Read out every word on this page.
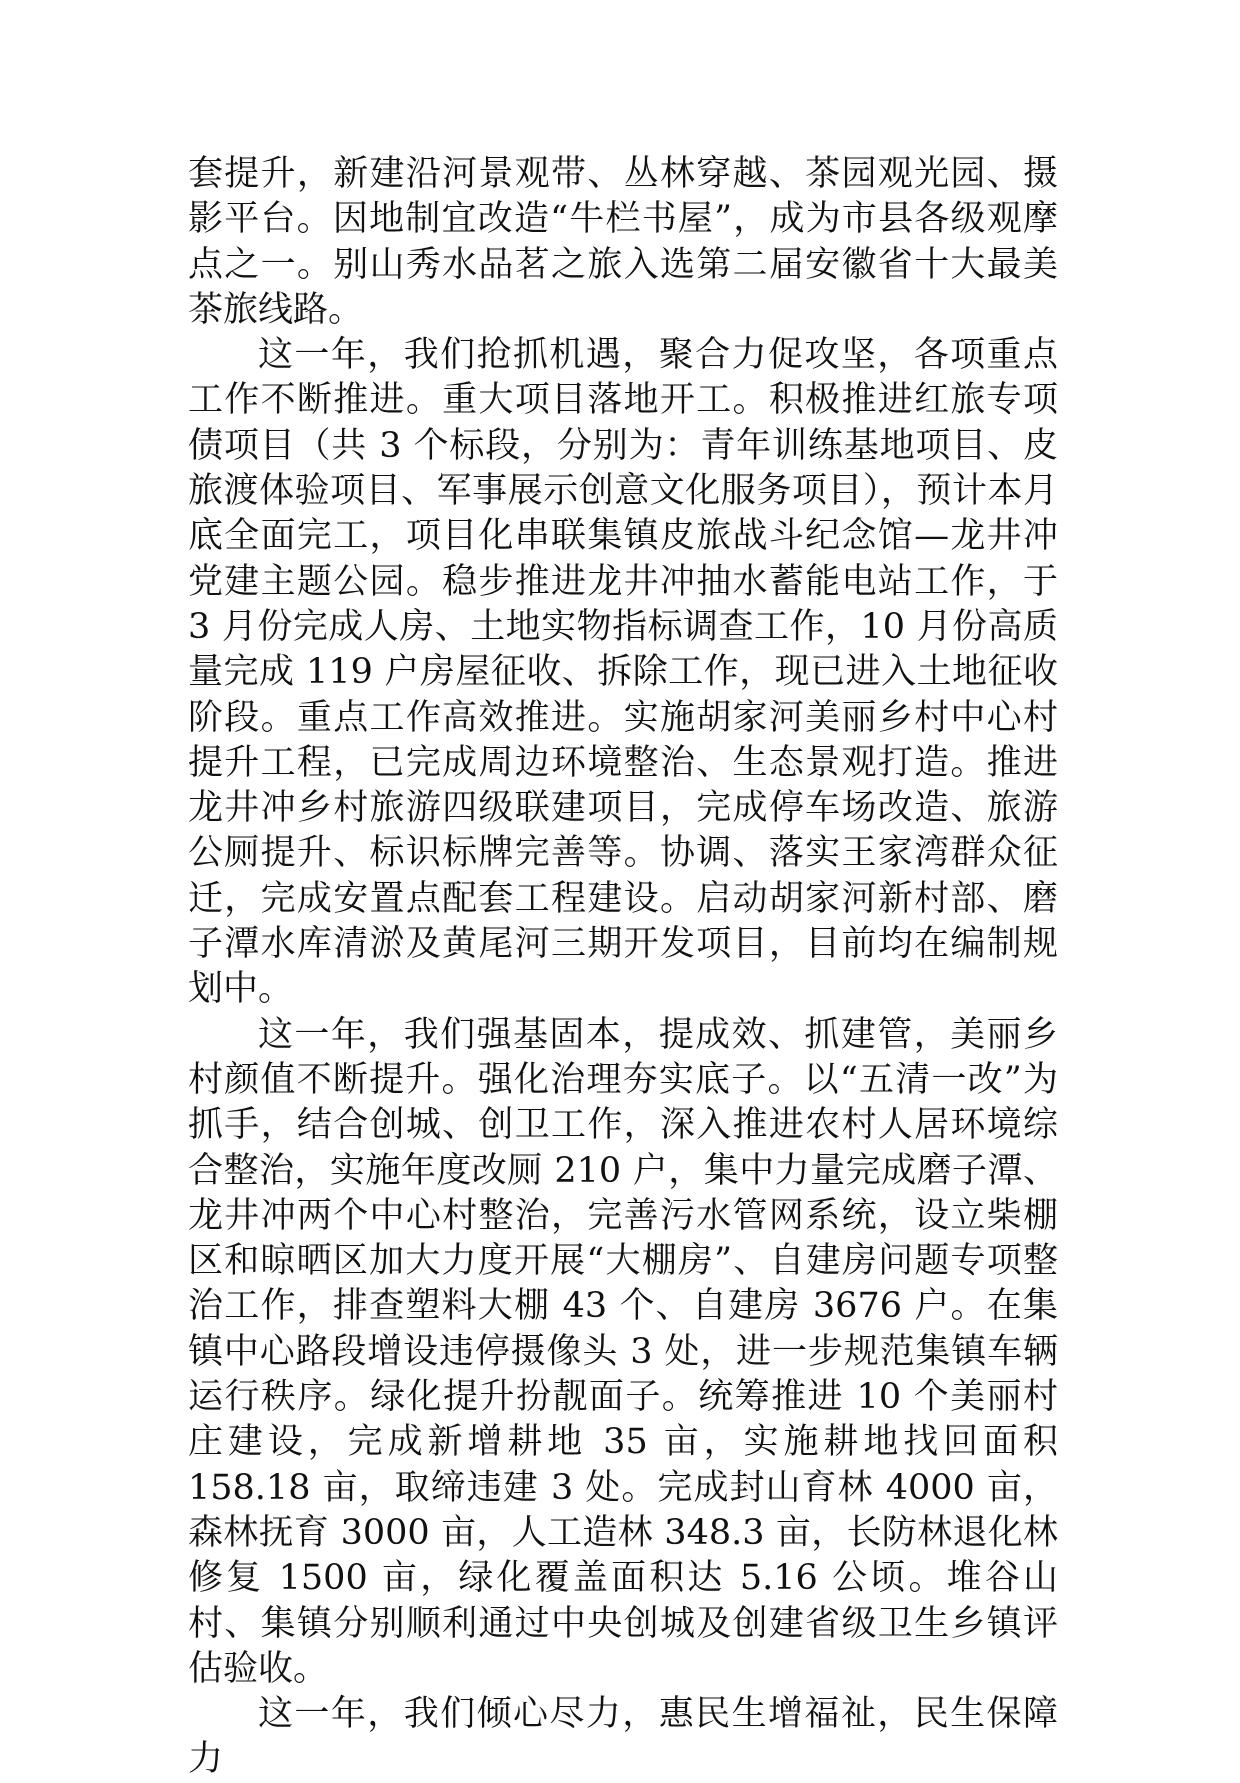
套提升，新建沿河景观带、丛林穿越、茶园观光园、摄影平台。因地制宜改造“牛栏书屋”，成为市县各级观摩点之一。别山秀水品茗之旅入选第二届安徽省十大最美茶旅线路。

这一年，我们抢抓机遇，聚合力促攻坚，各项重点工作不断推进。重大项目落地开工。积极推进红旅专项债项目（共 3 个标段，分别为：青年训练基地项目、皮旅渡体验项目、军事展示创意文化服务项目），预计本月底全面完工，项目化串联集镇皮旅战斗纪念馆—龙井冲党建主题公园。稳步推进龙井冲抽水蓄能电站工作，于 3 月份完成人房、土地实物指标调查工作，10 月份高质量完成 119 户房屋征收、拆除工作，现已进入土地征收阶段。重点工作高效推进。实施胡家河美丽乡村中心村提升工程，已完成周边环境整治、生态景观打造。推进龙井冲乡村旅游四级联建项目，完成停车场改造、旅游公厕提升、标识标牌完善等。协调、落实王家湾群众征迁，完成安置点配套工程建设。启动胡家河新村部、磨子潭水库清淤及黄尾河三期开发项目，目前均在编制规划中。

这一年，我们强基固本，提成效、抓建管，美丽乡村颜值不断提升。强化治理夯实底子。以“五清一改”为抓手，结合创城、创卫工作，深入推进农村人居环境综合整治，实施年度改厕 210 户，集中力量完成磨子潭、龙井冲两个中心村整治，完善污水管网系统，设立柴棚区和晾晒区加大力度开展“大棚房”、自建房问题专项整治工作，排查塑料大棚 43 个、自建房 3676 户。在集镇中心路段增设违停摄像头 3 处，进一步规范集镇车辆运行秩序。绿化提升扮靓面子。统筹推进 10 个美丽村庄建设，完成新增耕地 35 亩，实施耕地找回面积 158.18 亩，取缔违建 3 处。完成封山育林 4000 亩，森林抚育 3000 亩，人工造林 348.3 亩，长防林退化林修复 1500 亩，绿化覆盖面积达 5.16 公顷。堆谷山村、集镇分别顺利通过中央创城及创建省级卫生乡镇评估验收。

这一年，我们倾心尽力，惠民生增福祉，民生保障力
